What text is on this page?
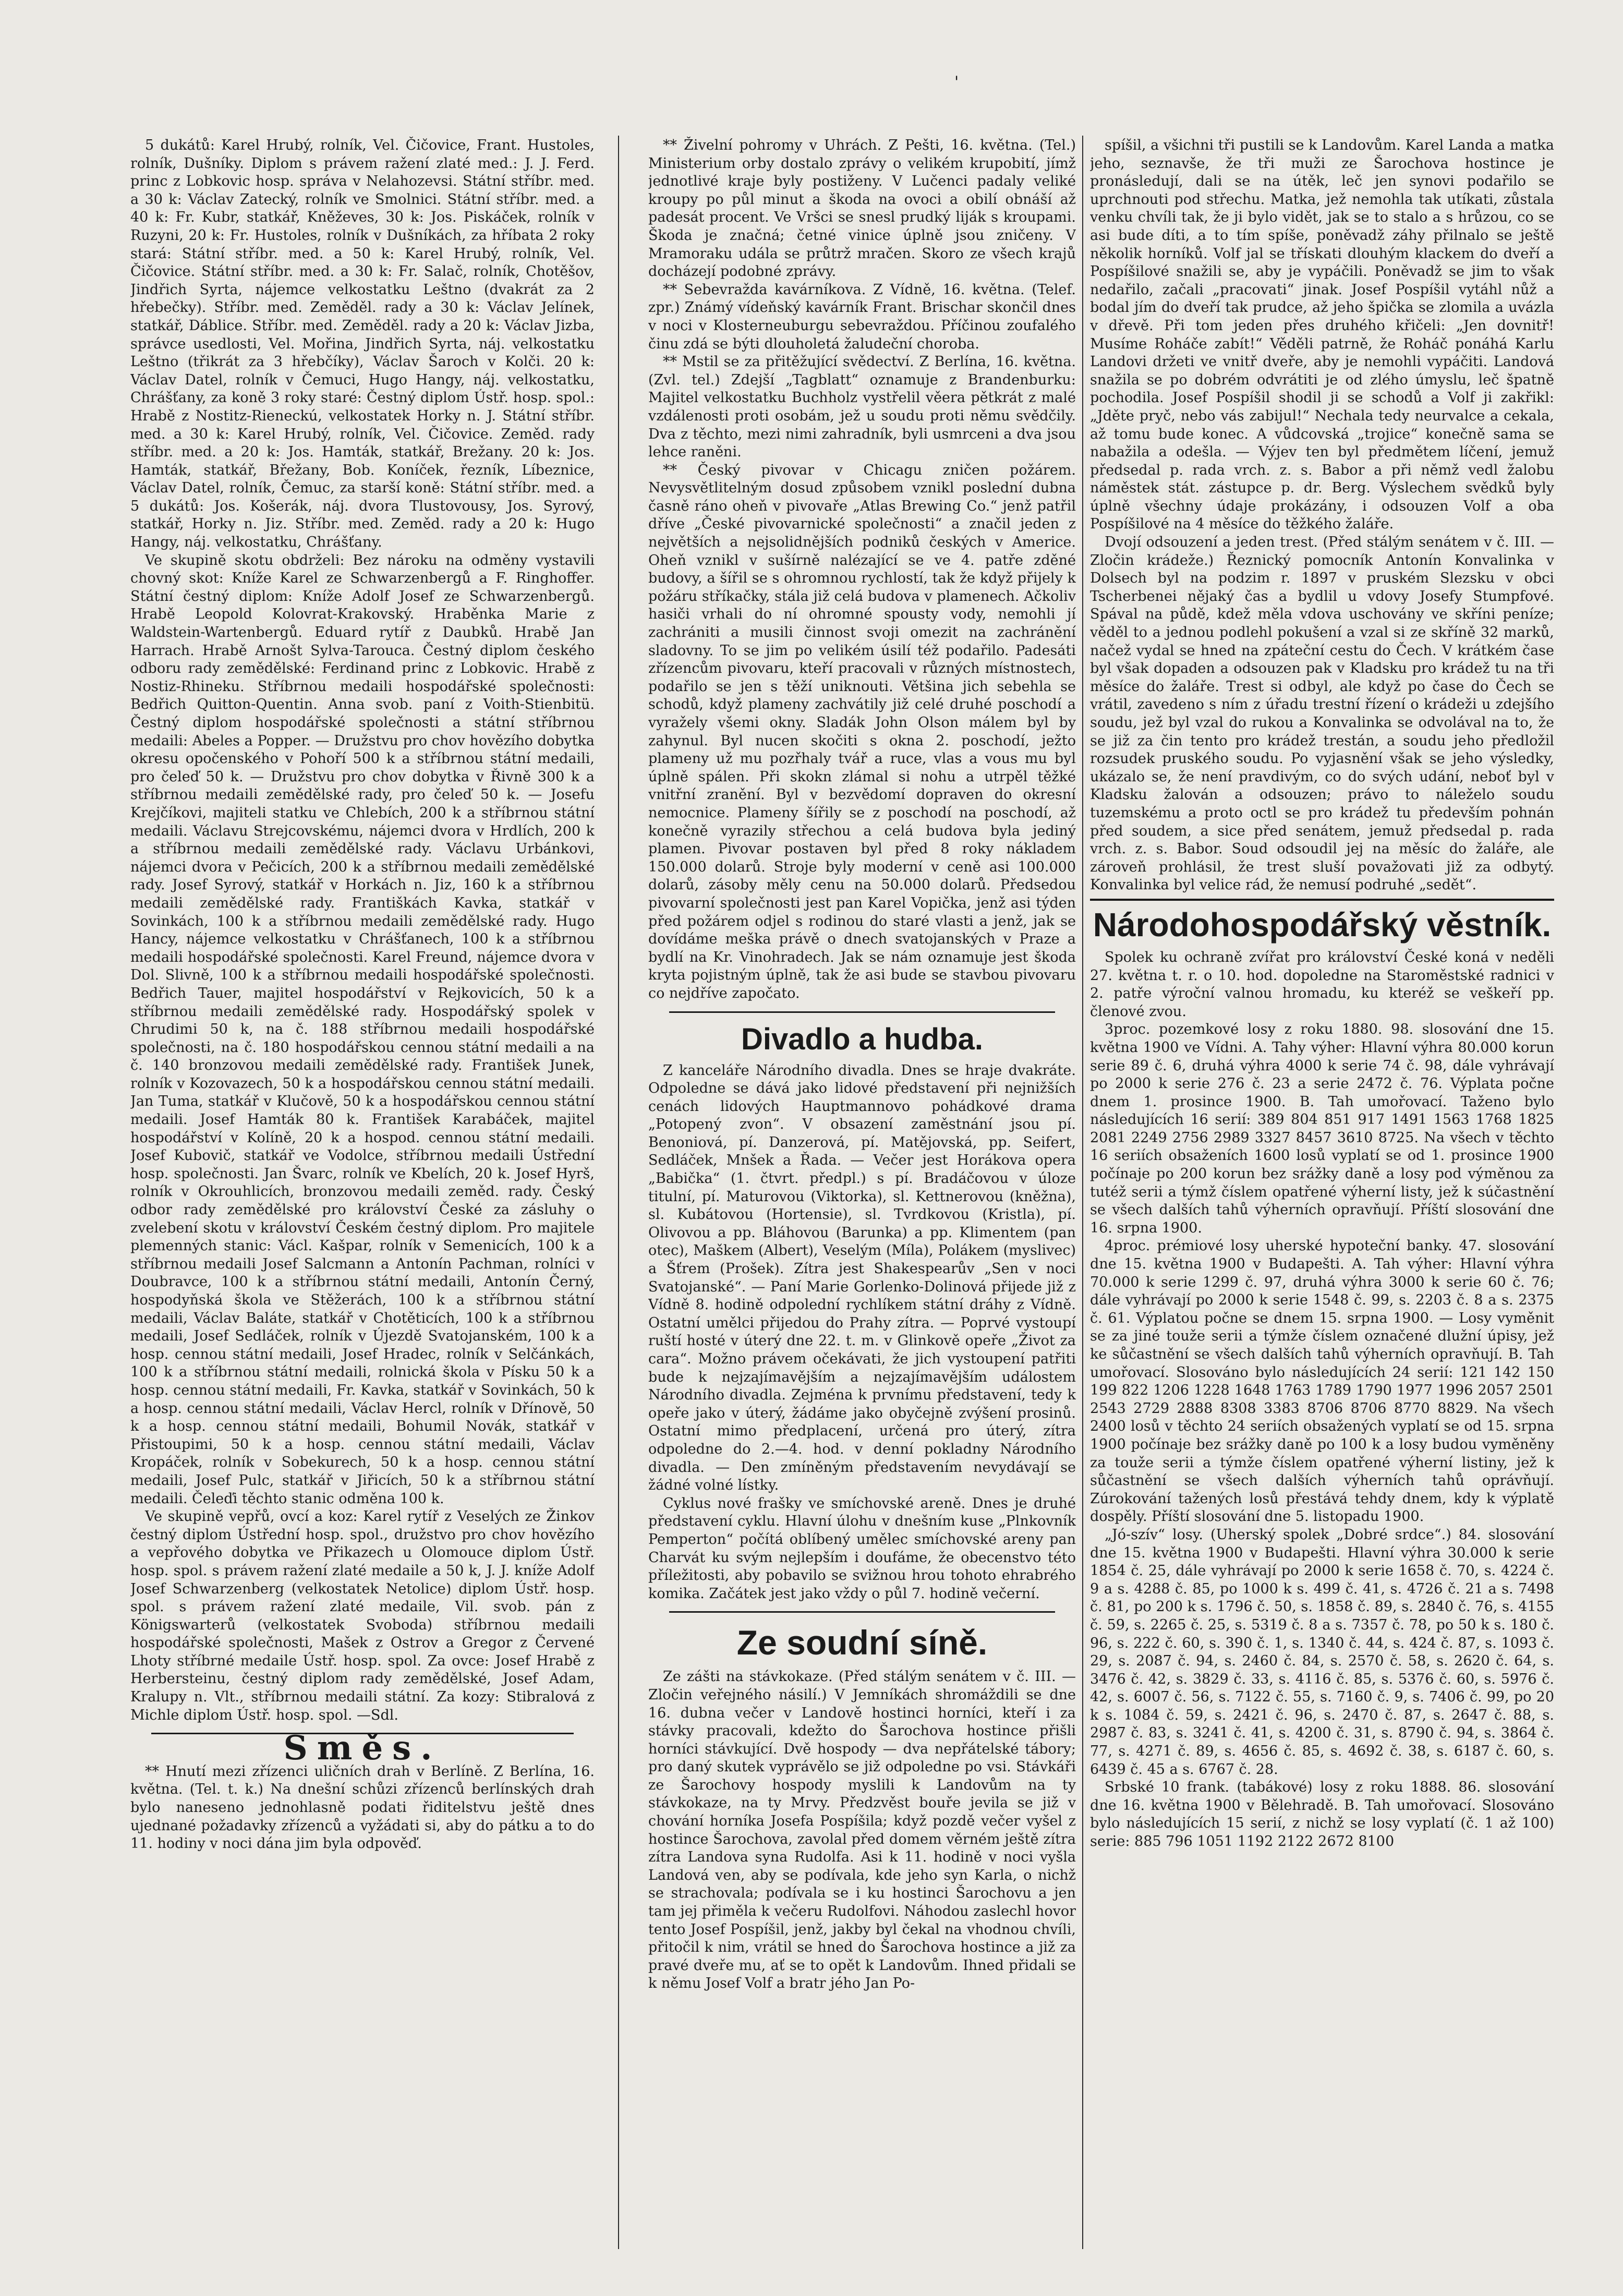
'

5 dukátů: Karel Hrubý, rolník, Vel. Čičovice, Frant. Hustoles, rolník, Dušníky. Diplom s právem ražení zlaté med.: J. J. Ferd. princ z Lobkovic hosp. správa v Nelahozevsi. Státní stříbr. med. a 30 k: Václav Zatecký, rolník ve Smolnici. Státní stříbr. med. a 40 k: Fr. Kubr, statkář, Kněževes, 30 k: Jos. Piskáček, rolník v Ruzyni, 20 k: Fr. Hustoles, rolník v Dušníkách, za hříbata 2 roky stará: Státní stříbr. med. a 50 k: Karel Hrubý, rolník, Vel. Čičovice. Státní stříbr. med. a 30 k: Fr. Salač, rolník, Chotěšov, Jindřich Syrta, nájemce velkostatku Leštno (dvakrát za 2 hřebečky). Stříbr. med. Zeměděl. rady a 30 k: Václav Jelínek, statkář, Dáblice. Stříbr. med. Zeměděl. rady a 20 k: Václav Jizba, správce usedlosti, Vel. Mořina, Jindřich Syrta, náj. velkostatku Leštno (třikrát za 3 hřebčíky), Václav Šaroch v Kolči. 20 k: Václav Datel, rolník v Čemuci, Hugo Hangy, náj. velkostatku, Chrášťany, za koně 3 roky staré: Čestný diplom Ústř. hosp. spol.: Hrabě z Nostitz-Rieneckú, velkostatek Horky n. J. Státní stříbr. med. a 30 k: Karel Hrubý, rolník, Vel. Čičovice. Zeměd. rady stříbr. med. a 20 k: Jos. Hamták, statkář, Brežany. 20 k: Jos. Hamták, statkář, Břežany, Bob. Koníček, řezník, Líbeznice, Václav Datel, rolník, Čemuc, za starší koně: Státní stříbr. med. a 5 dukátů: Jos. Košerák, náj. dvora Tlustovousy, Jos. Syrový, statkář, Horky n. Jiz. Stříbr. med. Zeměd. rady a 20 k: Hugo Hangy, náj. velkostatku, Chrášťany.

Ve skupině skotu obdrželi: Bez nároku na odměny vystavili chovný skot: Kníže Karel ze Schwarzenbergů a F. Ringhoffer. Státní čestný diplom: Kníže Adolf Josef ze Schwarzenbergů. Hrabě Leopold Kolovrat-Krakovský. Hraběnka Marie z Waldstein-Wartenbergů. Eduard rytíř z Daubků. Hrabě Jan Harrach. Hrabě Arnošt Sylva-Tarouca. Čestný diplom českého odboru rady zemědělské: Ferdinand princ z Lobkovic. Hrabě z Nostiz-Rhineku. Stříbrnou medaili hospodářské společnosti: Bedřich Quitton-Quentin. Anna svob. paní z Voith-Stienbitü. Čestný diplom hospodářské společnosti a státní stříbrnou medaili: Abeles a Popper. — Družstvu pro chov hovězího dobytka okresu opočenského v Pohoří 500 k a stříbrnou státní medaili, pro čeleď 50 k. — Družstvu pro chov dobytka v Řivně 300 k a stříbrnou medaili zemědělské rady, pro čeleď 50 k. — Josefu Krejčíkovi, majiteli statku ve Chlebích, 200 k a stříbrnou státní medaili. Václavu Strejcovskému, nájemci dvora v Hrdlích, 200 k a stříbrnou medaili zemědělské rady. Václavu Urbánkovi, nájemci dvora v Pečicích, 200 k a stříbrnou medaili zemědělské rady. Josef Syrový, statkář v Horkách n. Jiz, 160 k a stříbrnou medaili zemědělské rady. Františkách Kavka, statkář v Sovinkách, 100 k a stříbrnou medaili zemědělské rady. Hugo Hancy, nájemce velkostatku v Chrášťanech, 100 k a stříbrnou medaili hospodářské společnosti. Karel Freund, nájemce dvora v Dol. Slivně, 100 k a stříbrnou medaili hospodářské společnosti. Bedřich Tauer, majitel hospodářství v Rejkovicích, 50 k a stříbrnou medaili zemědělské rady. Hospodářský spolek v Chrudimi 50 k, na č. 188 stříbrnou medaili hospodářské společnosti, na č. 180 hospodářskou cennou státní medaili a na č. 140 bronzovou medaili zemědělské rady. František Junek, rolník v Kozovazech, 50 k a hospodářskou cennou státní medaili. Jan Tuma, statkář v Klučově, 50 k a hospodářskou cennou státní medaili. Josef Hamták 80 k. František Karabáček, majitel hospodářství v Kolíně, 20 k a hospod. cennou státní medaili. Josef Kubovič, statkář ve Vodolce, stříbrnou medaili Ústřední hosp. společnosti. Jan Švarc, rolník ve Kbelích, 20 k. Josef Hyrš, rolník v Okrouhlicích, bronzovou medaili zeměd. rady. Český odbor rady zemědělské pro království České za zásluhy o zvelebení skotu v království Českém čestný diplom. Pro majitele plemenných stanic: Václ. Kašpar, rolník v Semenicích, 100 k a stříbrnou medaili Josef Salcmann a Antonín Pachman, rolníci v Doubravce, 100 k a stříbrnou státní medaili, Antonín Černý, hospodyňská škola ve Stěžerách, 100 k a stříbrnou státní medaili, Václav Baláte, statkář v Chotěticích, 100 k a stříbrnou medaili, Josef Sedláček, rolník v Újezdě Svatojanském, 100 k a hosp. cennou státní medaili, Josef Hradec, rolník v Selčánkách, 100 k a stříbrnou státní medaili, rolnická škola v Písku 50 k a hosp. cennou státní medaili, Fr. Kavka, statkář v Sovinkách, 50 k a hosp. cennou státní medaili, Václav Hercl, rolník v Dřínově, 50 k a hosp. cennou státní medaili, Bohumil Novák, statkář v Přistoupimi, 50 k a hosp. cennou státní medaili, Václav Kropáček, rolník v Sobekurech, 50 k a hosp. cennou státní medaili, Josef Pulc, statkář v Jiřicích, 50 k a stříbrnou státní medaili. Čeleďi těchto stanic odměna 100 k.

Ve skupině vepřů, ovcí a koz: Karel rytíř z Veselých ze Žinkov čestný diplom Ústřední hosp. spol., družstvo pro chov hovězího a vepřového dobytka ve Přikazech u Olomouce diplom Ústř. hosp. spol. s právem ražení zlaté medaile a 50 k, J. J. kníže Adolf Josef Schwarzenberg (velkostatek Netolice) diplom Ústř. hosp. spol. s právem ražení zlaté medaile, Vil. svob. pán z Königswarterů (velkostatek Svoboda) stříbrnou medaili hospodářské společnosti, Mašek z Ostrov a Gregor z Červené Lhoty stříbrné medaile Ústř. hosp. spol. Za ovce: Josef Hrabě z Herbersteinu, čestný diplom rady zemědělské, Josef Adam, Kralupy n. Vlt., stříbrnou medaili státní. Za kozy: Stibralová z Michle diplom Ústř. hosp. spol. —Sdl.

Směs.

** Hnutí mezi zřízenci uličních drah v Berlíně. Z Berlína, 16. května. (Tel. t. k.) Na dnešní schůzi zřízenců berlínských drah bylo naneseno jednohlasně podati řiditelstvu ještě dnes ujednané požadavky zřízenců a vyžádati si, aby do pátku a to do 11. hodiny v noci dána jim byla odpověď.

** Živelní pohromy v Uhrách. Z Pešti, 16. května. (Tel.) Ministerium orby dostalo zprávy o velikém krupobití, jímž jednotlivé kraje byly postiženy. V Lučenci padaly veliké kroupy po půl minut a škoda na ovoci a obilí obnáší až padesát procent. Ve Vršci se snesl prudký liják s kroupami. Škoda je značná; četné vinice úplně jsou zničeny. V Mramoraku udála se průtrž mračen. Skoro ze všech krajů docházejí podobné zprávy.

** Sebevražda kavárníkova. Z Vídně, 16. května. (Telef. zpr.) Známý vídeňský kavárník Frant. Brischar skončil dnes v noci v Klosterneuburgu sebevraždou. Příčinou zoufalého činu zdá se býti dlouholetá žaludeční choroba.

** Mstil se za přitěžující svědectví. Z Berlína, 16. května. (Zvl. tel.) Zdejší „Tagblatt“ oznamuje z Brandenburku: Majitel velkostatku Buchholz vystřelil věera pětkrát z malé vzdálenosti proti osobám, jež u soudu proti němu svědčily. Dva z těchto, mezi nimi zahradník, byli usmrceni a dva jsou lehce raněni.

** Český pivovar v Chicagu zničen požárem. Nevysvětlitelným dosud způsobem vznikl poslední dubna časně ráno oheň v pivovaře „Atlas Brewing Co.“ jenž patřil dříve „České pivovarnické společnosti“ a značil jeden z největších a nejsolidnějších podniků českých v Americe. Oheň vznikl v sušírně nalézající se ve 4. patře zděné budovy, a šířil se s ohromnou rychlostí, tak že když přijely k požáru stříkačky, stála již celá budova v plamenech. Ačkoliv hasiči vrhali do ní ohromné spousty vody, nemohli jí zachrániti a musili činnost svoji omezit na zachránění sladovny. To se jim po velikém úsilí též podařilo. Padesáti zřízencům pivovaru, kteří pracovali v různých místnostech, podařilo se jen s těží uniknouti. Většina jich sebehla se schodů, když plameny zachvátily již celé druhé poschodí a vyražely všemi okny. Sladák John Olson málem byl by zahynul. Byl nucen skočiti s okna 2. poschodí, ježto plameny už mu pozřhaly tvář a ruce, vlas a vous mu byl úplně spálen. Při skokn zlámal si nohu a utrpěl těžké vnitřní zranění. Byl v bezvědomí dopraven do okresní nemocnice. Plameny šířily se z poschodí na poschodí, až konečně vyrazily střechou a celá budova byla jediný plamen. Pivovar postaven byl před 8 roky nákladem 150.000 dolarů. Stroje byly moderní v ceně asi 100.000 dolarů, zásoby měly cenu na 50.000 dolarů. Předsedou pivovarní společnosti jest pan Karel Vopička, jenž asi týden před požárem odjel s rodinou do staré vlasti a jenž, jak se dovídáme meška právě o dnech svatojanských v Praze a bydlí na Kr. Vinohradech. Jak se nám oznamuje jest škoda kryta pojistným úplně, tak že asi bude se stavbou pivovaru co nejdříve započato.

Divadlo a hudba.

Z kanceláře Národního divadla. Dnes se hraje dvakráte. Odpoledne se dává jako lidové představení při nejnižších cenách lidových Hauptmannovo pohádkové drama „Potopený zvon“. V obsazení zaměstnání jsou pí. Benoniová, pí. Danzerová, pí. Matějovská, pp. Seifert, Sedláček, Mnšek a Řada. — Večer jest Horákova opera „Babička“ (1. čtvrt. předpl.) s pí. Bradáčovou v úloze titulní, pí. Maturovou (Viktorka), sl. Kettnerovou (kněžna), sl. Kubátovou (Hortensie), sl. Tvrdkovou (Kristla), pí. Olivovou a pp. Bláhovou (Barunka) a pp. Klimentem (pan otec), Maškem (Albert), Veselým (Míla), Polákem (myslivec) a Šťrem (Prošek). Zítra jest Shakespearův „Sen v noci Svatojanské“. — Paní Marie Gorlenko-Dolinová přijede již z Vídně 8. hodině odpolední rychlíkem státní dráhy z Vídně. Ostatní umělci přijedou do Prahy zítra. — Poprvé vystoupí ruští hosté v úterý dne 22. t. m. v Glinkově opeře „Život za cara“. Možno právem očekávati, že jich vystoupení patřiti bude k nejzajímavějším a nejzajímavějším událostem Národního divadla. Zejména k prvnímu představení, tedy k opeře jako v úterý, žádáme jako obyčejně zvýšení prosinů. Ostatní mimo předplacení, určená pro úterý, zítra odpoledne do 2.—4. hod. v denní pokladny Národního divadla. — Den zmíněným představením nevydávají se žádné volné lístky.

Cyklus nové frašky ve smíchovské areně. Dnes je druhé představení cyklu. Hlavní úlohu v dnešním kuse „Plnkovník Pemperton“ počítá oblíbený umělec smíchovské areny pan Charvát ku svým nejlepším i doufáme, že obecenstvo této příležitosti, aby pobavilo se svižnou hrou tohoto ehrabrého komika. Začátek jest jako vždy o půl 7. hodině večerní.

Ze soudní síně.

Ze zášti na stávkokaze. (Před stálým senátem v č. III. — Zločin veřejného násilí.) V Jemníkách shromáždili se dne 16. dubna večer v Landově hostinci horníci, kteří i za stávky pracovali, kdežto do Šarochova hostince přišli horníci stávkující. Dvě hospody — dva nepřátelské tábory; pro daný skutek vyprávělo se již odpoledne po vsi. Stávkáři ze Šarochovy hospody myslili k Landovům na ty stávkokaze, na ty Mrvy. Předzvěst bouře jevila se již v chování horníka Josefa Pospíšila; když pozdě večer vyšel z hostince Šarochova, zavolal před domem věrném ještě zítra zítra Landova syna Rudolfa. Asi k 11. hodině v noci vyšla Landová ven, aby se podívala, kde jeho syn Karla, o nichž se strachovala; podívala se i ku hostinci Šarochovu a jen tam jej přiměla k večeru Rudolfovi. Náhodou zaslechl hovor tento Josef Pospíšil, jenž, jakby byl čekal na vhodnou chvíli, přitočil k nim, vrátil se hned do Šarochova hostince a již za pravé dveře mu, ať se to opět k Landovům. Ihned přidali se k němu Josef Volf a bratr jého Jan Po-

spíšil, a všichni tři pustili se k Landovům. Karel Landa a matka jeho, seznavše, že tři muži ze Šarochova hostince je pronásledují, dali se na útěk, leč jen synovi podařilo se uprchnouti pod střechu. Matka, jež nemohla tak utíkati, zůstala venku chvíli tak, že ji bylo vidět, jak se to stalo a s hrůzou, co se asi bude díti, a to tím spíše, poněvadž záhy přilnalo se ještě několik horníků. Volf jal se třískati dlouhým klackem do dveří a Pospíšilové snažili se, aby je vypáčili. Poněvadž se jim to však nedařilo, začali „pracovati“ jinak. Josef Pospíšil vytáhl nůž a bodal jím do dveří tak prudce, až jeho špička se zlomila a uvázla v dřevě. Při tom jeden přes druhého křičeli: „Jen dovnitř! Musíme Roháče zabít!“ Věděli patrně, že Roháč ponáhá Karlu Landovi držeti ve vnitř dveře, aby je nemohli vypáčiti. Landová snažila se po dobrém odvrátiti je od zlého úmyslu, leč špatně pochodila. Josef Pospíšil shodil ji se schodů a Volf ji zakřikl: „Jděte pryč, nebo vás zabijul!“ Nechala tedy neurvalce a cekala, až tomu bude konec. A vůdcovská „trojice“ konečně sama se nabažila a odešla. — Výjev ten byl předmětem líčení, jemuž předsedal p. rada vrch. z. s. Babor a při němž vedl žalobu náměstek stát. zástupce p. dr. Berg. Výslechem svědků byly úplně všechny údaje prokázány, i odsouzen Volf a oba Pospíšilové na 4 měsíce do těžkého žaláře.

Dvojí odsouzení a jeden trest. (Před stálým senátem v č. III. — Zločin krádeže.) Řeznický pomocník Antonín Konvalinka v Dolsech byl na podzim r. 1897 v pruském Slezsku v obci Tscherbenei nějaký čas a bydlil u vdovy Josefy Stumpfové. Spával na půdě, kdež měla vdova uschovány ve skříni peníze; věděl to a jednou podlehl pokušení a vzal si ze skříně 32 marků, načež vydal se hned na zpáteční cestu do Čech. V krátkém čase byl však dopaden a odsouzen pak v Kladsku pro krádež tu na tři měsíce do žaláře. Trest si odbyl, ale když po čase do Čech se vrátil, zavedeno s ním z úřadu trestní řízení o krádeži u zdejšího soudu, jež byl vzal do rukou a Konvalinka se odvolával na to, že se již za čin tento pro krádež trestán, a soudu jeho předložil rozsudek pruského soudu. Po vyjasnění však se jeho výsledky, ukázalo se, že není pravdivým, co do svých udání, neboť byl v Kladsku žalován a odsouzen; právo to náleželo soudu tuzemskému a proto octl se pro krádež tu především pohnán před soudem, a sice před senátem, jemuž předsedal p. rada vrch. z. s. Babor. Soud odsoudil jej na měsíc do žaláře, ale zároveň prohlásil, že trest sluší považovati již za odbytý. Konvalinka byl velice rád, že nemusí podruhé „sedět“.

Národohospodářský věstník.

Spolek ku ochraně zvířat pro království České koná v neděli 27. května t. r. o 10. hod. dopoledne na Staroměstské radnici v 2. patře výroční valnou hromadu, ku kteréž se veškeří pp. členové zvou.

3proc. pozemkové losy z roku 1880. 98. slosování dne 15. května 1900 ve Vídni. A. Tahy výher: Hlavní výhra 80.000 korun serie 89 č. 6, druhá výhra 4000 k serie 74 č. 98, dále vyhrávají po 2000 k serie 276 č. 23 a serie 2472 č. 76. Výplata počne dnem 1. prosince 1900. B. Tah umořovací. Taženo bylo následujících 16 serií: 389 804 851 917 1491 1563 1768 1825 2081 2249 2756 2989 3327 8457 3610 8725. Na všech v těchto 16 seriích obsaženích 1600 losů vyplatí se od 1. prosince 1900 počínaje po 200 korun bez srážky daně a losy pod výměnou za tutéž serii a týmž číslem opatřené výherní listy, jež k súčastnění se všech dalších tahů výherních opravňují. Příští slosování dne 16. srpna 1900.

4proc. prémiové losy uherské hypoteční banky. 47. slosování dne 15. května 1900 v Budapešti. A. Tah výher: Hlavní výhra 70.000 k serie 1299 č. 97, druhá výhra 3000 k serie 60 č. 76; dále vyhrávají po 2000 k serie 1548 č. 99, s. 2203 č. 8 a s. 2375 č. 61. Výplatou počne se dnem 15. srpna 1900. — Losy vyměnit se za jiné touže serii a týmže číslem označené dlužní úpisy, jež ke sůčastnění se všech dalších tahů výherních opravňují. B. Tah umořovací. Slosováno bylo následujících 24 serií: 121 142 150 199 822 1206 1228 1648 1763 1789 1790 1977 1996 2057 2501 2543 2729 2888 8308 3383 8706 8706 8770 8829. Na všech 2400 losů v těchto 24 seriích obsažených vyplatí se od 15. srpna 1900 počínaje bez srážky daně po 100 k a losy budou vyměněny za touže serii a týmže číslem opatřené výherní listiny, jež k sůčastnění se všech dalších výherních tahů oprávňují. Zúrokování tažených losů přestává tehdy dnem, kdy k výplatě dospěly. Příští slosování dne 5. listopadu 1900.

„Jó-szív“ losy. (Uherský spolek „Dobré srdce“.) 84. slosování dne 15. května 1900 v Budapešti. Hlavní výhra 30.000 k serie 1854 č. 25, dále vyhrávají po 2000 k serie 1658 č. 70, s. 4224 č. 9 a s. 4288 č. 85, po 1000 k s. 499 č. 41, s. 4726 č. 21 a s. 7498 č. 81, po 200 k s. 1796 č. 50, s. 1858 č. 89, s. 2840 č. 76, s. 4155 č. 59, s. 2265 č. 25, s. 5319 č. 8 a s. 7357 č. 78, po 50 k s. 180 č. 96, s. 222 č. 60, s. 390 č. 1, s. 1340 č. 44, s. 424 č. 87, s. 1093 č. 29, s. 2087 č. 94, s. 2460 č. 84, s. 2570 č. 58, s. 2620 č. 64, s. 3476 č. 42, s. 3829 č. 33, s. 4116 č. 85, s. 5376 č. 60, s. 5976 č. 42, s. 6007 č. 56, s. 7122 č. 55, s. 7160 č. 9, s. 7406 č. 99, po 20 k s. 1084 č. 59, s. 2421 č. 96, s. 2470 č. 87, s. 2647 č. 88, s. 2987 č. 83, s. 3241 č. 41, s. 4200 č. 31, s. 8790 č. 94, s. 3864 č. 77, s. 4271 č. 89, s. 4656 č. 85, s. 4692 č. 38, s. 6187 č. 60, s. 6439 č. 45 a s. 6767 č. 28.

Srbské 10 frank. (tabákové) losy z roku 1888. 86. slosování dne 16. května 1900 v Bělehradě. B. Tah umořovací. Slosováno bylo následujících 15 serií, z nichž se losy vyplatí (č. 1 až 100) serie: 885 796 1051 1192 2122 2672 8100
